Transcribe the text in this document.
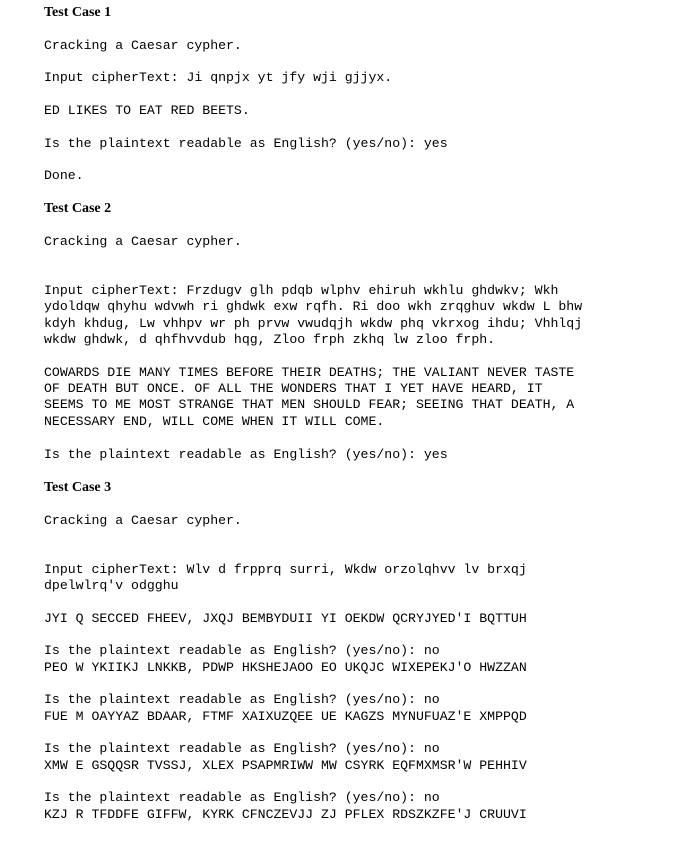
Test Case 1
Cracking a Caesar cypher.
Input cipherText: Ji qnpjx yt jfy wji gjjyx.
ED LIKES TO EAT RED BEETS.
Is the plaintext readable as English? (yes/no): yes
Done.
Test Case 2
Cracking a Caesar cypher.
Input cipherText: Frzdugv glh pdqb wlphv ehiruh wkhlu ghdwkv; Wkh
ydoldqw qhyhu wdvwh ri ghdwk exw rqfh. Ri doo wkh zrqghuv wkdw L bhw
kdyh khdug, Lw vhhpv wr ph prvw vwudqjh wkdw phq vkrxog ihdu; Vhhlqj
wkdw ghdwk, d qhfhvvdub hqg, Zloo frph zkhq lw zloo frph.
COWARDS DIE MANY TIMES BEFORE THEIR DEATHS; THE VALIANT NEVER TASTE
OF DEATH BUT ONCE. OF ALL THE WONDERS THAT I YET HAVE HEARD, IT
SEEMS TO ME MOST STRANGE THAT MEN SHOULD FEAR; SEEING THAT DEATH, A
NECESSARY END, WILL COME WHEN IT WILL COME.
Is the plaintext readable as English? (yes/no): yes
Test Case 3
Cracking a Caesar cypher.
Input cipherText: Wlv d frpprq surri, Wkdw orzolqhvv lv brxqj
dpelwlrq'v odgghu
JYI Q SECCED FHEEV, JXQJ BEMBYDUII YI OEKDW QCRYJYED'I BQTTUH
Is the plaintext readable as English? (yes/no): no
PEO W YKIIKJ LNKKB, PDWP HKSHEJAOO EO UKQJC WIXEPEKJ'O HWZZAN
Is the plaintext readable as English? (yes/no): no
FUE M OAYYAZ BDAAR, FTMF XAIXUZQEE UE KAGZS MYNUFUAZ'E XMPPQD
Is the plaintext readable as English? (yes/no): no
XMW E GSQQSR TVSSJ, XLEX PSAPMRIWW MW CSYRK EQFMXMSR'W PEHHIV
Is the plaintext readable as English? (yes/no): no
KZJ R TFDDFE GIFFW, KYRK CFNCZEVJJ ZJ PFLEX RDSZKZFE'J CRUUVI
